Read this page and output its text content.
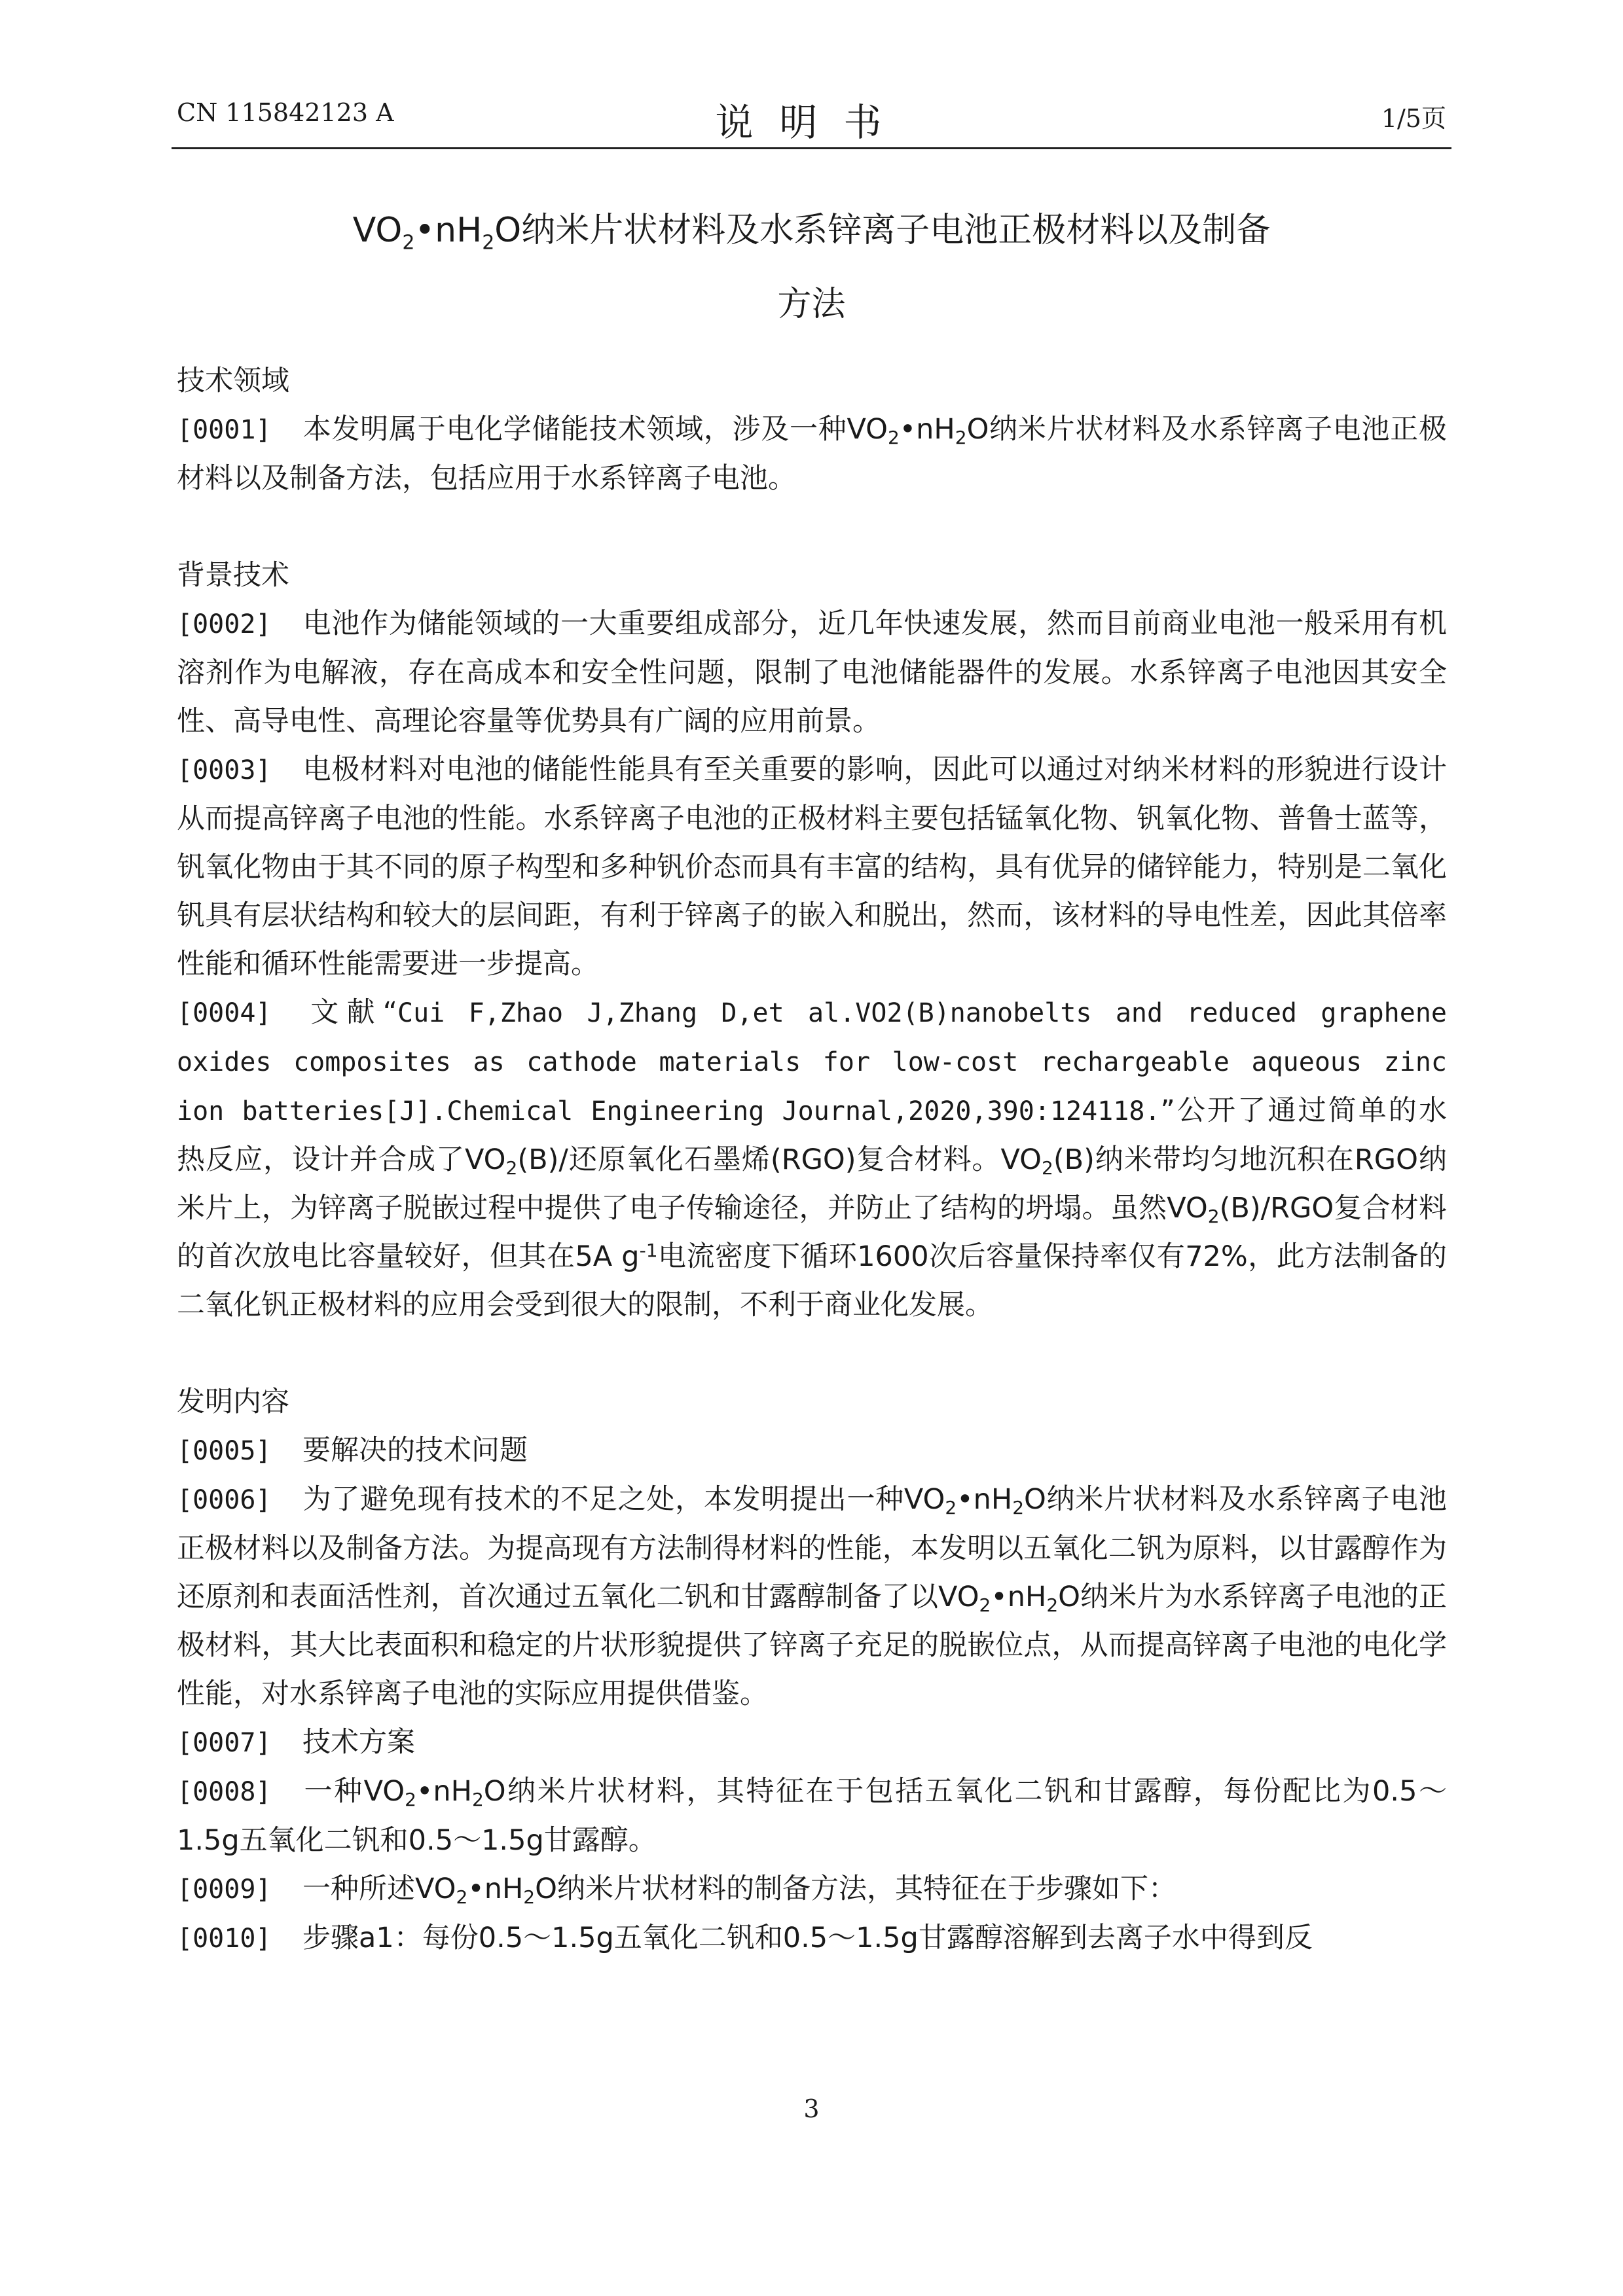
CN 115842123 A	说明书	1/5页
$VO_2•nH_2O$纳米片状材料及水系锌离子电池正极材料以及制备
方法
技术领域
[0001] 本发明属于电化学储能技术领域，涉及一种$VO_2•nH_2O$纳米片状材料及水系锌离子电池正极材料以及制备方法，包括应用于水系锌离子电池。
背景技术
[0002] 电池作为储能领域的一大重要组成部分，近几年快速发展，然而目前商业电池一般采用有机溶剂作为电解液，存在高成本和安全性问题，限制了电池储能器件的发展。水系锌离子电池因其安全性、高导电性、高理论容量等优势具有广阔的应用前景。
[0003] 电极材料对电池的储能性能具有至关重要的影响，因此可以通过对纳米材料的形貌进行设计从而提高锌离子电池的性能。水系锌离子电池的正极材料主要包括锰氧化物、钒氧化物、普鲁士蓝等，钒氧化物由于其不同的原子构型和多种钒价态而具有丰富的结构，具有优异的储锌能力，特别是二氧化钒具有层状结构和较大的层间距，有利于锌离子的嵌入和脱出，然而，该材料的导电性差，因此其倍率性能和循环性能需要进一步提高。
[0004] 文献“Cui F,Zhao J,Zhang D,et al.VO2(B)nanobelts and reduced graphene oxides composites as cathode materials for low-cost rechargeable aqueous zinc ion batteries[J].Chemical Engineering Journal,2020,390:124118.”公开了通过简单的水热反应，设计并合成了$VO_2(B)/$还原氧化石墨烯(RGO)复合材料。$VO_2(B)$纳米带均匀地沉积在RGO纳米片上，为锌离子脱嵌过程中提供了电子传输途径，并防止了结构的坍塌。虽然$VO_2(B)$/RGO复合材料的首次放电比容量较好，但其在5A $g^{-1}$电流密度下循环1600次后容量保持率仅有72%，此方法制备的二氧化钒正极材料的应用会受到很大的限制，不利于商业化发展。
发明内容
[0005] 要解决的技术问题
[0006] 为了避免现有技术的不足之处，本发明提出一种$VO_2•nH_2O$纳米片状材料及水系锌离子电池正极材料以及制备方法。为提高现有方法制得材料的性能，本发明以五氧化二钒为原料，以甘露醇作为还原剂和表面活性剂，首次通过五氧化二钒和甘露醇制备了以$VO_2•nH_2O$纳米片为水系锌离子电池的正极材料，其大比表面积和稳定的片状形貌提供了锌离子充足的脱嵌位点，从而提高锌离子电池的电化学性能，对水系锌离子电池的实际应用提供借鉴。
[0007] 技术方案
[0008] 一种$VO_2•nH_2O$纳米片状材料，其特征在于包括五氧化二钒和甘露醇，每份配比为0.5～1.5g五氧化二钒和0.5～1.5g甘露醇。
[0009] 一种所述$VO_2•nH_2O$纳米片状材料的制备方法，其特征在于步骤如下：
[0010] 步骤a1：每份0.5～1.5g五氧化二钒和0.5～1.5g甘露醇溶解到去离子水中得到反
3
